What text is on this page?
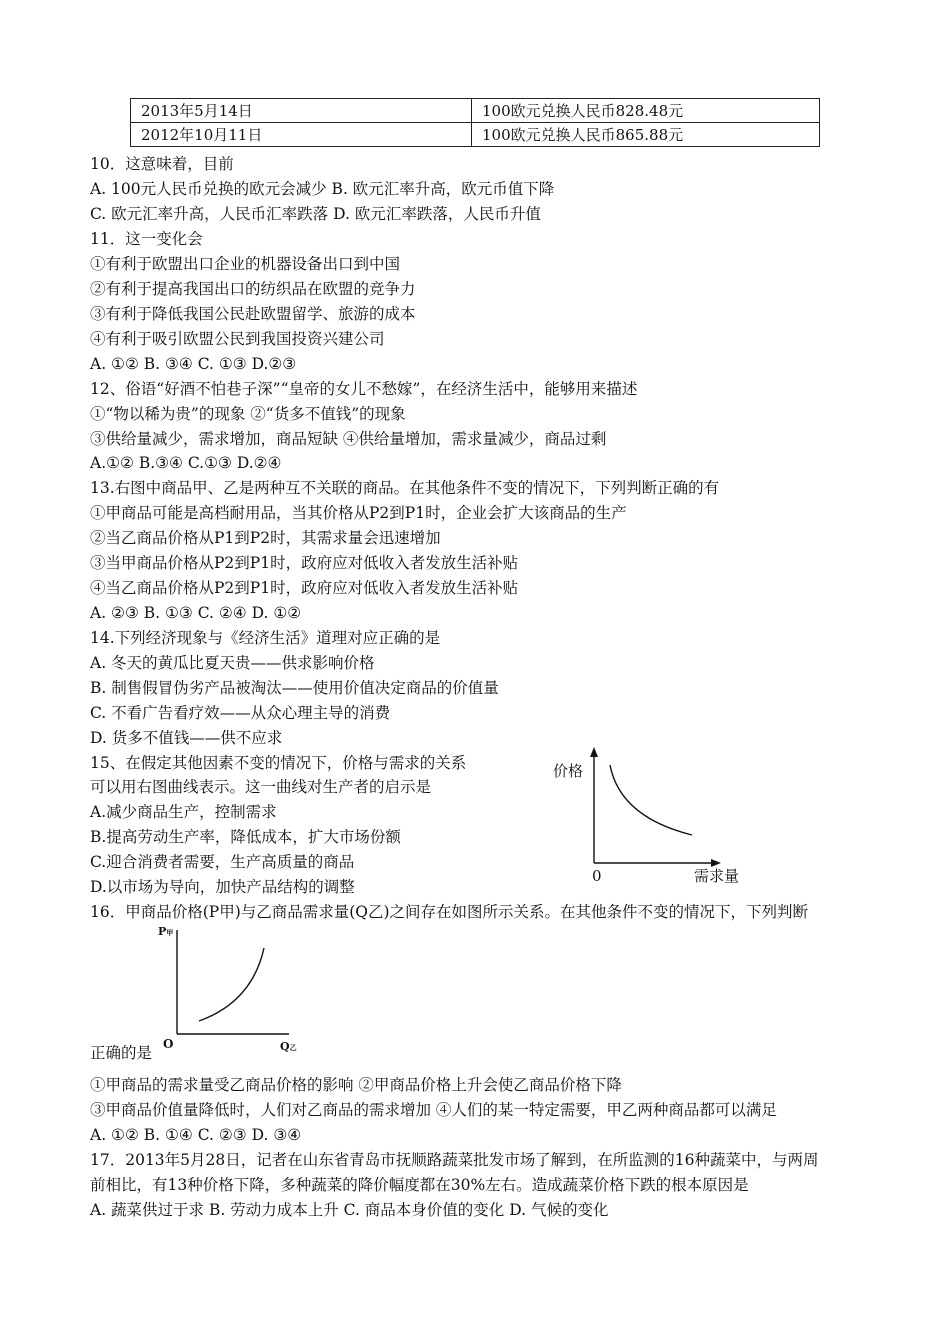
2013年5月14日	100欧元兑换人民币828.48元
2012年10月11日	100欧元兑换人民币865.88元
10．这意味着，目前
A. 100元人民币兑换的欧元会减少 B. 欧元汇率升高，欧元币值下降
C. 欧元汇率升高，人民币汇率跌落 D. 欧元汇率跌落，人民币升值
11．这一变化会
①有利于欧盟出口企业的机器设备出口到中国
②有利于提高我国出口的纺织品在欧盟的竞争力
③有利于降低我国公民赴欧盟留学、旅游的成本
④有利于吸引欧盟公民到我国投资兴建公司
A. ①② B. ③④ C. ①③ D.②③
12、俗语“好酒不怕巷子深”“皇帝的女儿不愁嫁”，在经济生活中，能够用来描述
①“物以稀为贵”的现象 ②“货多不值钱”的现象
③供给量减少，需求增加，商品短缺 ④供给量增加，需求量减少，商品过剩
A.①② B.③④ C.①③ D.②④
13.右图中商品甲、乙是两种互不关联的商品。在其他条件不变的情况下，下列判断正确的有
①甲商品可能是高档耐用品，当其价格从P2到P1时，企业会扩大该商品的生产
②当乙商品价格从P1到P2时，其需求量会迅速增加
③当甲商品价格从P2到P1时，政府应对低收入者发放生活补贴
④当乙商品价格从P2到P1时，政府应对低收入者发放生活补贴
A. ②③ B. ①③ C. ②④ D. ①②
14.下列经济现象与《经济生活》道理对应正确的是
A. 冬天的黄瓜比夏天贵——供求影响价格
B. 制售假冒伪劣产品被淘汰——使用价值决定商品的价值量
C. 不看广告看疗效——从众心理主导的消费
D. 货多不值钱——供不应求
15、在假定其他因素不变的情况下，价格与需求的关系
可以用右图曲线表示。这一曲线对生产者的启示是
A.减少商品生产，控制需求
B.提高劳动生产率，降低成本，扩大市场份额
C.迎合消费者需要，生产高质量的商品
D.以市场为导向，加快产品结构的调整
价格
0	需求量
16．甲商品价格(P甲)与乙商品需求量(Q乙)之间存在如图所示关系。在其他条件不变的情况下，下列判断
P甲
O	Q乙
正确的是
①甲商品的需求量受乙商品价格的影响 ②甲商品价格上升会使乙商品价格下降
③甲商品价值量降低时，人们对乙商品的需求增加 ④人们的某一特定需要，甲乙两种商品都可以满足
A. ①② B. ①④ C. ②③ D. ③④
17．2013年5月28日，记者在山东省青岛市抚顺路蔬菜批发市场了解到，在所监测的16种蔬菜中，与两周
前相比，有13种价格下降，多种蔬菜的降价幅度都在30%左右。造成蔬菜价格下跌的根本原因是
A. 蔬菜供过于求 B. 劳动力成本上升 C. 商品本身价值的变化 D. 气候的变化
